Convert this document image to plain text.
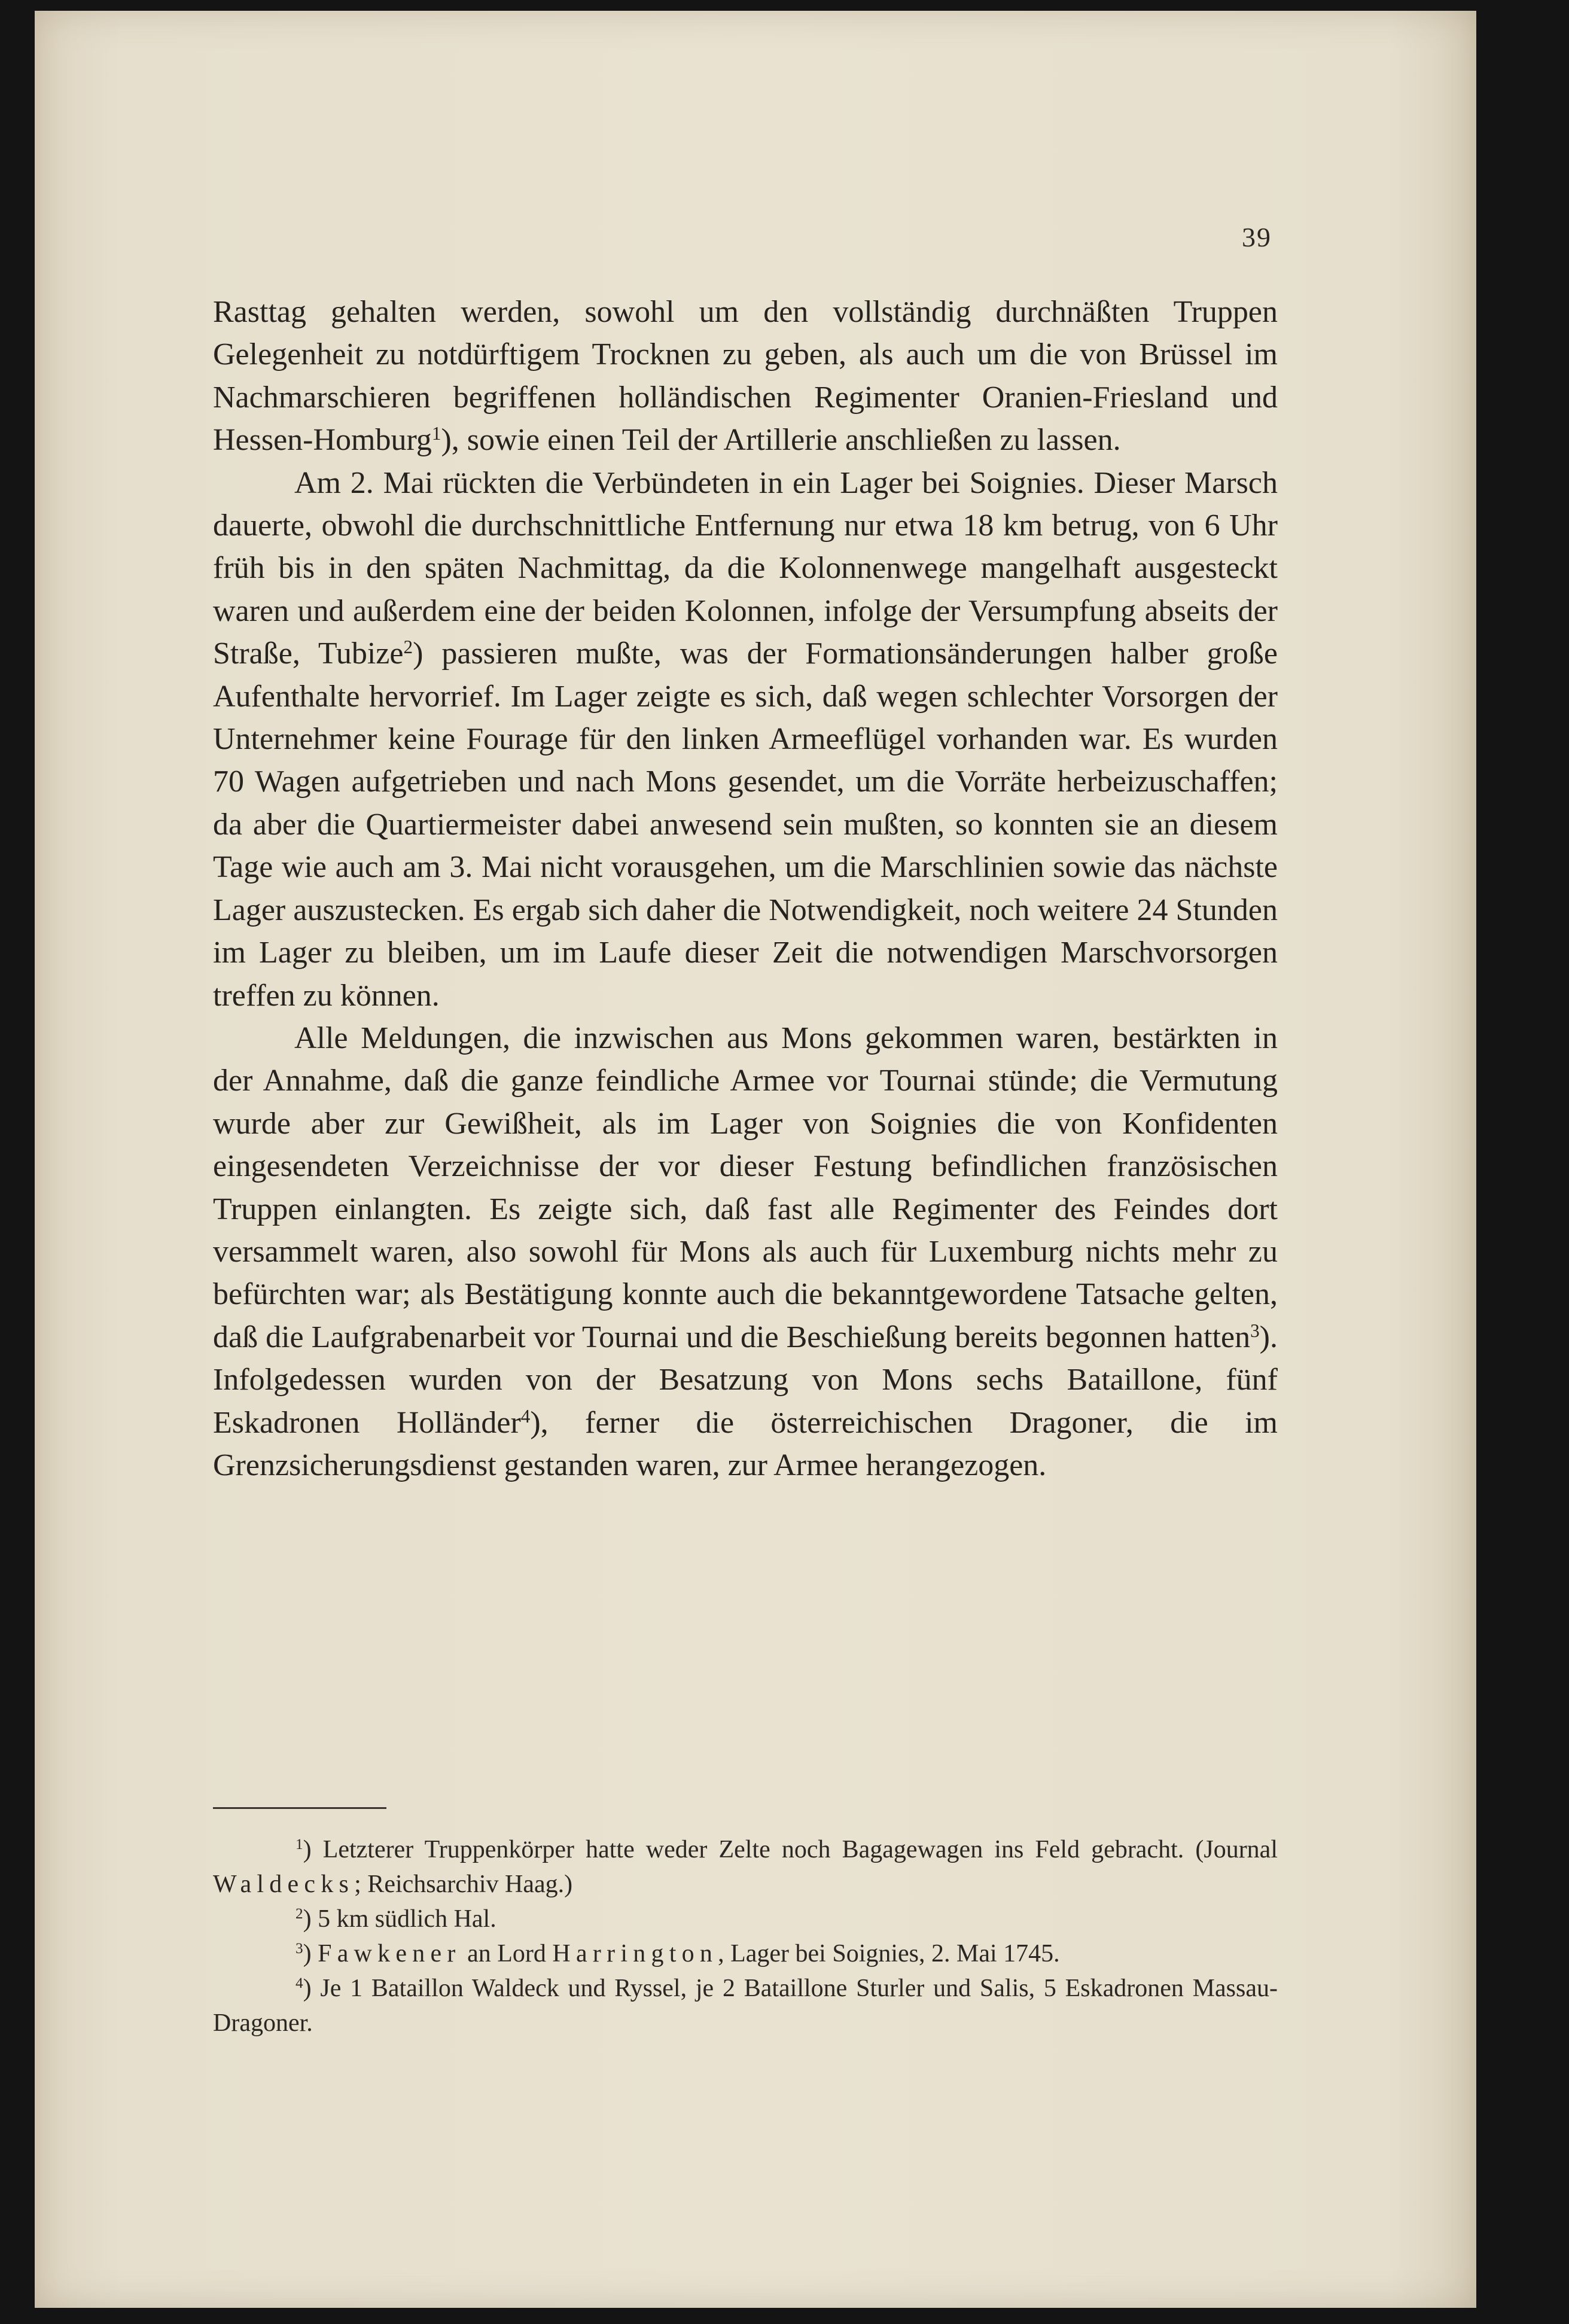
39

Rasttag gehalten werden, sowohl um den vollständig durchnäßten Truppen Gelegenheit zu notdürftigem Trocknen zu geben, als auch um die von Brüssel im Nachmarschieren begriffenen holländischen Regimenter Oranien-Friesland und Hessen-Homburg$^1$), sowie einen Teil der Artillerie anschließen zu lassen.

Am 2. Mai rückten die Verbündeten in ein Lager bei Soignies. Dieser Marsch dauerte, obwohl die durchschnittliche Entfernung nur etwa 18 km betrug, von 6 Uhr früh bis in den späten Nachmittag, da die Kolonnenwege mangelhaft ausgesteckt waren und außerdem eine der beiden Kolonnen, infolge der Versumpfung abseits der Straße, Tubize$^2$) passieren mußte, was der Formationsänderungen halber große Aufenthalte hervorrief. Im Lager zeigte es sich, daß wegen schlechter Vorsorgen der Unternehmer keine Fourage für den linken Armeeflügel vorhanden war. Es wurden 70 Wagen aufgetrieben und nach Mons gesendet, um die Vorräte herbeizuschaffen; da aber die Quartiermeister dabei anwesend sein mußten, so konnten sie an diesem Tage wie auch am 3. Mai nicht vorausgehen, um die Marschlinien sowie das nächste Lager auszustecken. Es ergab sich daher die Notwendigkeit, noch weitere 24 Stunden im Lager zu bleiben, um im Laufe dieser Zeit die notwendigen Marschvorsorgen treffen zu können.

Alle Meldungen, die inzwischen aus Mons gekommen waren, bestärkten in der Annahme, daß die ganze feindliche Armee vor Tournai stünde; die Vermutung wurde aber zur Gewißheit, als im Lager von Soignies die von Konfidenten eingesendeten Verzeichnisse der vor dieser Festung befindlichen französischen Truppen einlangten. Es zeigte sich, daß fast alle Regimenter des Feindes dort versammelt waren, also sowohl für Mons als auch für Luxemburg nichts mehr zu befürchten war; als Bestätigung konnte auch die bekanntgewordene Tatsache gelten, daß die Laufgrabenarbeit vor Tournai und die Beschießung bereits begonnen hatten$^3$). Infolgedessen wurden von der Besatzung von Mons sechs Bataillone, fünf Eskadronen Holländer$^4$), ferner die österreichischen Dragoner, die im Grenzsicherungsdienst gestanden waren, zur Armee herangezogen.

$^1$) Letzterer Truppenkörper hatte weder Zelte noch Bagagewagen ins Feld gebracht. (Journal Waldecks; Reichsarchiv Haag.)

$^2$) 5 km südlich Hal.

$^3$) Fawkener an Lord Harrington, Lager bei Soignies, 2. Mai 1745.

$^4$) Je 1 Bataillon Waldeck und Ryssel, je 2 Bataillone Sturler und Salis, 5 Eskadronen Massau-Dragoner.
